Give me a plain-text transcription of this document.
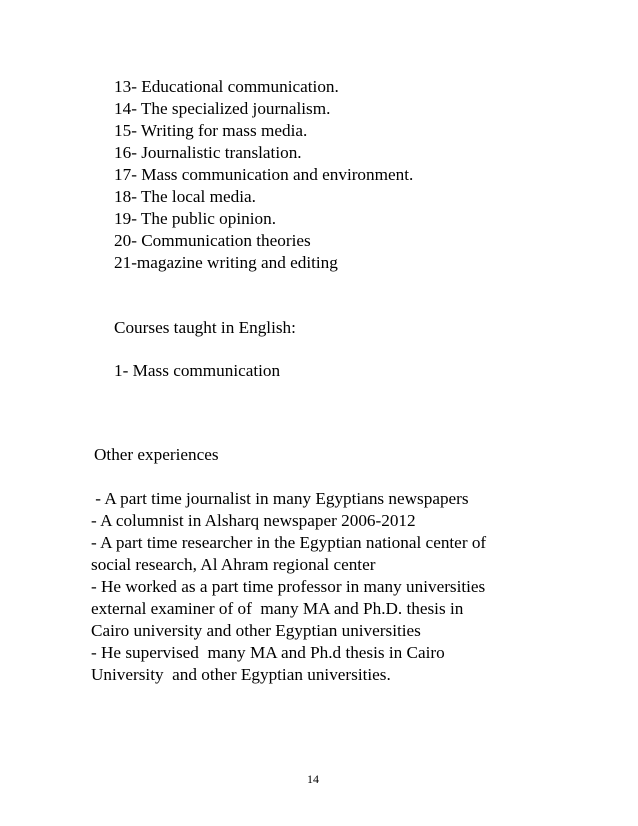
13- Educational communication.
14- The specialized journalism.
15- Writing for mass media.
16- Journalistic translation.
17- Mass communication and environment.
18- The local media.
19- The public opinion.
20- Communication theories
21-magazine writing and editing
Courses taught in English:
1- Mass communication
Other experiences
- A part time journalist in many Egyptians newspapers
- A columnist in Alsharq newspaper 2006-2012
- A part time researcher in the Egyptian national center of
social research, Al Ahram regional center
- He worked as a part time professor in many universities
external examiner of of  many MA and Ph.D. thesis in
Cairo university and other Egyptian universities
- He supervised  many MA and Ph.d thesis in Cairo
University  and other Egyptian universities.
14
